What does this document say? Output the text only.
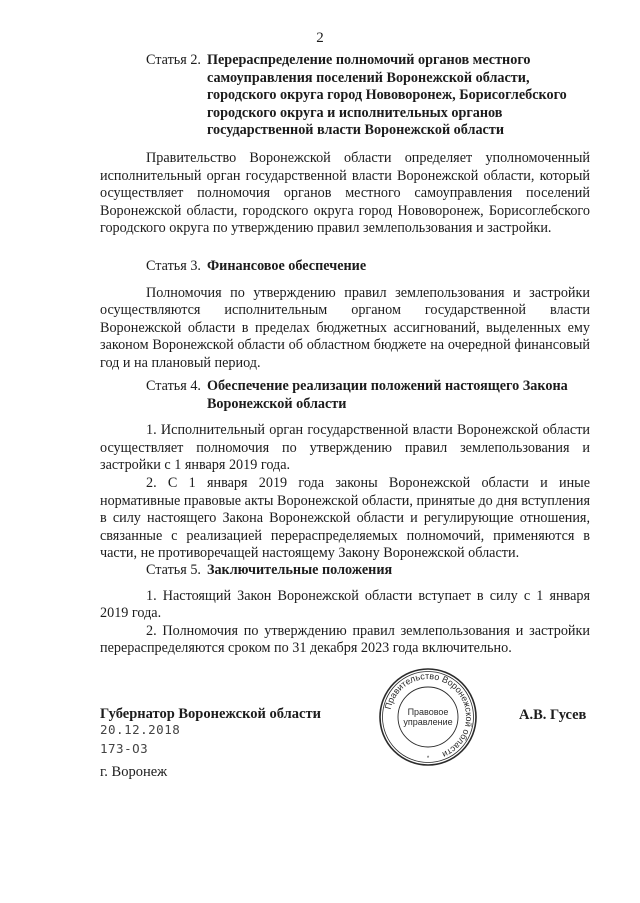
2
Статья 2. Перераспределение полномочий органов местного самоуправления поселений Воронежской области, городского округа город Нововоронеж, Борисоглебского городского округа и исполнительных органов государственной власти Воронежской области

Правительство Воронежской области определяет уполномоченный исполнительный орган государственной власти Воронежской области, который осуществляет полномочия органов местного самоуправления поселений Воронежской области, городского округа город Нововоронеж, Борисоглебского городского округа по утверждению правил землепользования и застройки.

Статья 3. Финансовое обеспечение

Полномочия по утверждению правил землепользования и застройки осуществляются исполнительным органом государственной власти Воронежской области в пределах бюджетных ассигнований, выделенных ему законом Воронежской области об областном бюджете на очередной финансовый год и на плановый период.

Статья 4. Обеспечение реализации положений настоящего Закона Воронежской области

1. Исполнительный орган государственной власти Воронежской области осуществляет полномочия по утверждению правил землепользования и застройки с 1 января 2019 года.

2. С 1 января 2019 года законы Воронежской области и иные нормативные правовые акты Воронежской области, принятые до дня вступления в силу настоящего Закона Воронежской области и регулирующие отношения, связанные с реализацией перераспределяемых полномочий, применяются в части, не противоречащей настоящему Закону Воронежской области.

Статья 5. Заключительные положения

1. Настоящий Закон Воронежской области вступает в силу с 1 января 2019 года.

2. Полномочия по утверждению правил землепользования и застройки перераспределяются сроком по 31 декабря 2023 года включительно.

Губернатор Воронежской области	А.В. Гусев
20.12.2018
173-ОЗ
г. Воронеж
Правительство Воронежской области
Правовое
управление
*
